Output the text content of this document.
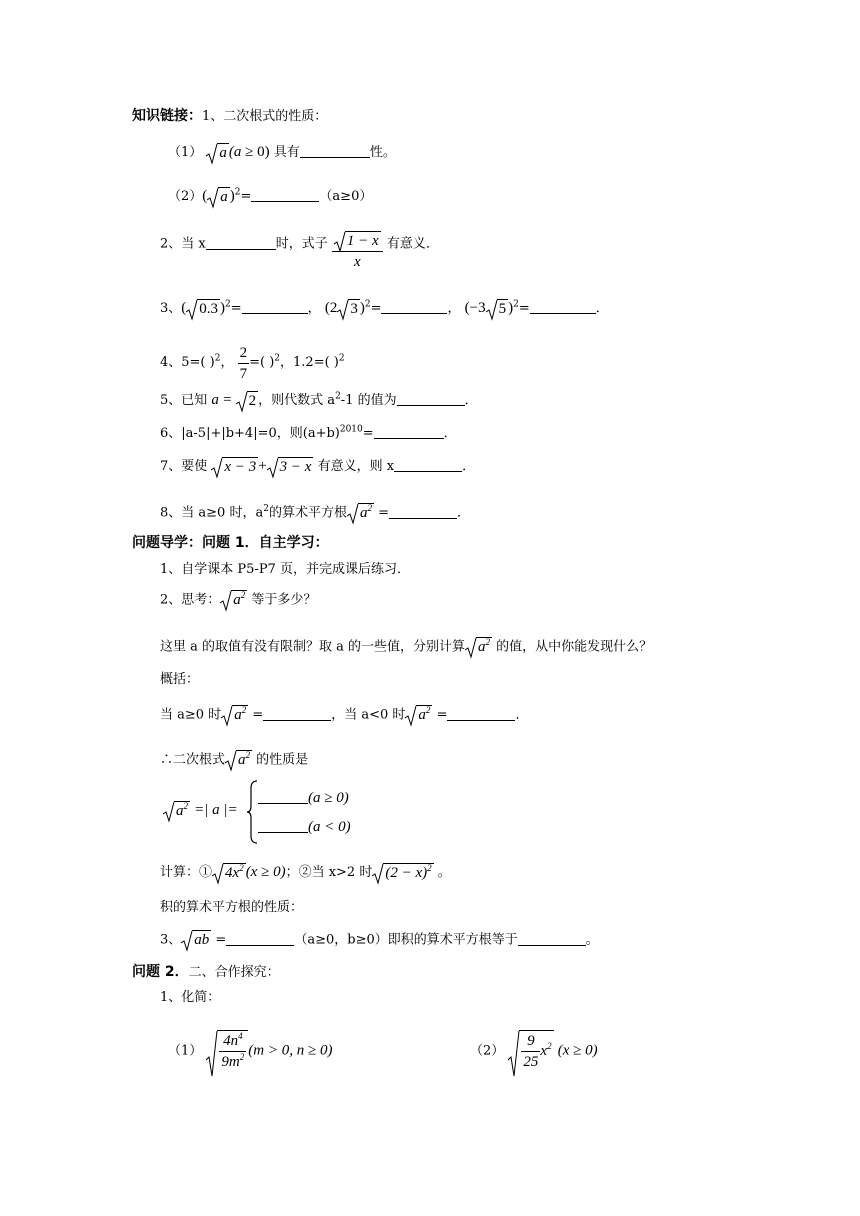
知识链接：1、二次根式的性质：
（1） a (a ≥ 0) 具有	性。
（2）( a )$^2$=	（a≥0）
2、当 x	时，式子 $\frac{1 - x}{x}$ 有意义．
3、( 0.3 )$^2$=	， (2 3 )$^2$=	， (−3 5 )$^2$=	．
4、5=( )$^2$， $\frac{2}{7}$ =( )$^2$，1.2=( )$^2$
5、已知 a = 2 ，则代数式 $a^2-1$ 的值为	．
6、|a-5|+|b+4|=0，则$(a+b)^{2010}=$	．
7、要使 x − 3 + 3 − x 有意义，则 x	．
8、当 a≥0 时，$a^2$的算术平方根 $a^2$ =	．
问题导学：问题 1．自主学习：
1、自学课本 P5-P7 页，并完成课后练习．
2、思考： $a^2$ 等于多少？
这里 a 的取值有没有限制？取 a 的一些值，分别计算 $a^2$ 的值，从中你能发现什么？
概括：
当 a≥0 时 $a^2$ =	，当 a<0 时 $a^2$ =	．
∴二次根式 $a^2$ 的性质是
$a^2$ =| a |=
(a ≥ 0)
(a < 0)
计算：① $4x^2$ (x ≥ 0)；②当 x>2 时 $(2 - x)^2$ 。
积的算术平方根的性质：
3、 ab =	（a≥0，b≥0）即积的算术平方根等于	。
问题 2．二、合作探究：
1、化简：
$(1) \frac{4n^4}{9m^2} (m > 0$, n ≥ 0)	$(2) \frac{9}{25} x^2$ (x ≥ 0)
